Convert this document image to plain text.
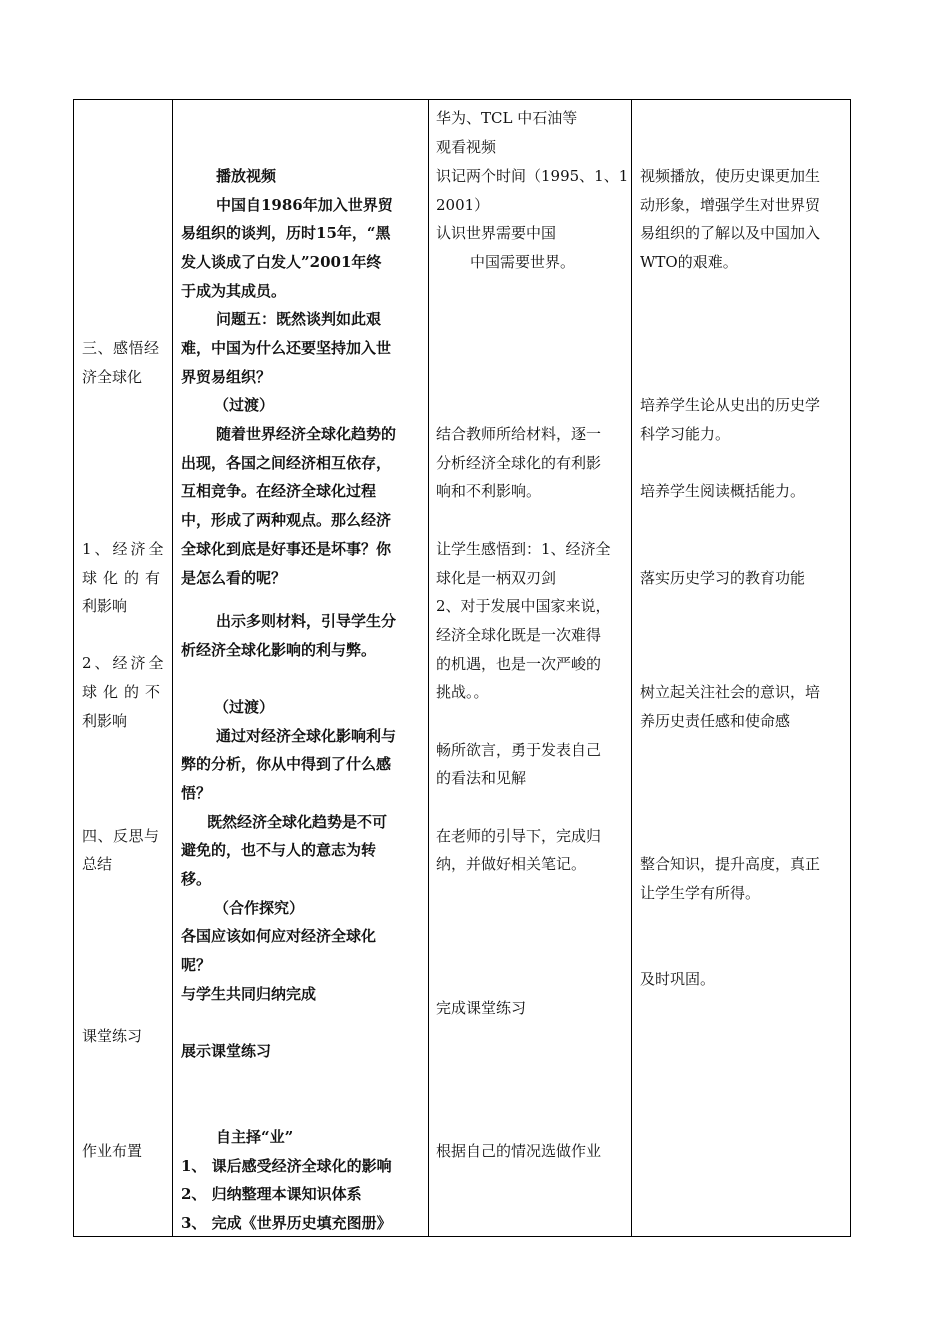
三、感悟经
济全球化
1、经济全
球化的有
利影响
2、经济全
球化的不
利影响
四、反思与
总结
课堂练习
作业布置
播放视频
中国自1986年加入世界贸
易组织的谈判，历时15年，“黑
发人谈成了白发人”2001年终
于成为其成员。
问题五：既然谈判如此艰
难，中国为什么还要坚持加入世
界贸易组织？
（过渡）
随着世界经济全球化趋势的
出现，各国之间经济相互依存，
互相竞争。在经济全球化过程
中，形成了两种观点。那么经济
全球化到底是好事还是坏事？你
是怎么看的呢？
出示多则材料，引导学生分
析经济全球化影响的利与弊。
（过渡）
通过对经济全球化影响利与
弊的分析，你从中得到了什么感
悟？
既然经济全球化趋势是不可
避免的，也不与人的意志为转
移。
（合作探究）
各国应该如何应对经济全球化
呢？
与学生共同归纳完成
展示课堂练习
自主择“业”
1、 课后感受经济全球化的影响
2、 归纳整理本课知识体系
3、 完成《世界历史填充图册》
华为、TCL 中石油等
观看视频
识记两个时间（1995、1、1
2001）
认识世界需要中国
中国需要世界。
结合教师所给材料，逐一
分析经济全球化的有利影
响和不利影响。
让学生感悟到：1、经济全
球化是一柄双刃剑
2、对于发展中国家来说，
经济全球化既是一次难得
的机遇，也是一次严峻的
挑战。。
畅所欲言，勇于发表自己
的看法和见解
在老师的引导下，完成归
纳，并做好相关笔记。
完成课堂练习
根据自己的情况选做作业
视频播放，使历史课更加生
动形象，增强学生对世界贸
易组织的了解以及中国加入
WTO的艰难。
培养学生论从史出的历史学
科学习能力。
培养学生阅读概括能力。
落实历史学习的教育功能
树立起关注社会的意识，培
养历史责任感和使命感
整合知识，提升高度，真正
让学生学有所得。
及时巩固。
